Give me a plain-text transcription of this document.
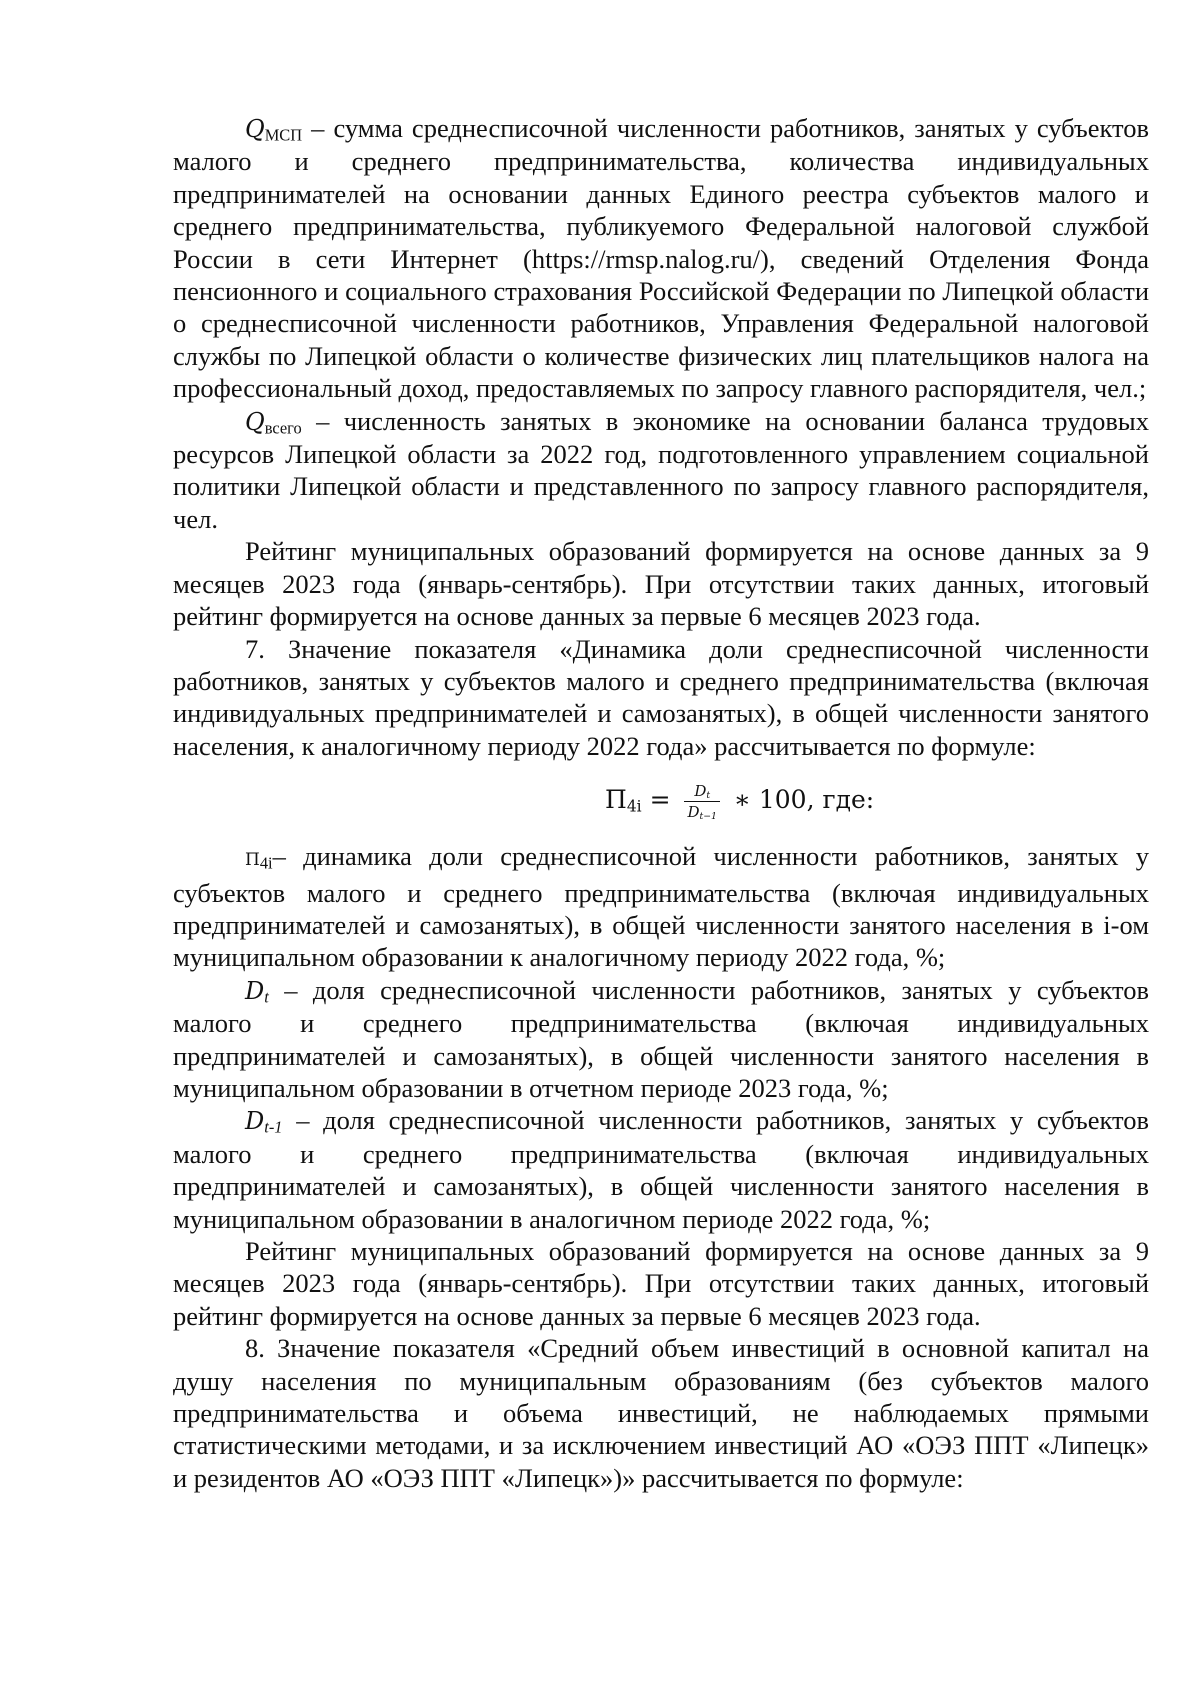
$Q_{МСП}$ – сумма среднесписочной численности работников, занятых у субъектов малого и среднего предпринимательства, количества индивидуальных предпринимателей на основании данных Единого реестра субъектов малого и среднего предпринимательства, публикуемого Федеральной налоговой службой России в сети Интернет (https://rmsp.nalog.ru/), сведений Отделения Фонда пенсионного и социального страхования Российской Федерации по Липецкой области о среднесписочной численности работников, Управления Федеральной налоговой службы по Липецкой области о количестве физических лиц плательщиков налога на профессиональный доход, предоставляемых по запросу главного распорядителя, чел.;

$Q_{всего}$ – численность занятых в экономике на основании баланса трудовых ресурсов Липецкой области за 2022 год, подготовленного управлением социальной политики Липецкой области и представленного по запросу главного распорядителя, чел.

Рейтинг муниципальных образований формируется на основе данных за 9 месяцев 2023 года (январь-сентябрь). При отсутствии таких данных, итоговый рейтинг формируется на основе данных за первые 6 месяцев 2023 года.

7. Значение показателя «Динамика доли среднесписочной численности работников, занятых у субъектов малого и среднего предпринимательства (включая индивидуальных предпринимателей и самозанятых), в общей численности занятого населения, к аналогичному периоду 2022 года» рассчитывается по формуле:

$П_{4i} = \frac{D_t}{D_{t-1}}$ ∗ 100, где:

$П_{4i}-$ динамика доли среднесписочной численности работников, занятых у субъектов малого и среднего предпринимательства (включая индивидуальных предпринимателей и самозанятых), в общей численности занятого населения в i-ом муниципальном образовании к аналогичному периоду 2022 года, %;

$D_t$ – доля среднесписочной численности работников, занятых у субъектов малого и среднего предпринимательства (включая индивидуальных предпринимателей и самозанятых), в общей численности занятого населения в муниципальном образовании в отчетном периоде 2023 года, %;

$D_{t-1}$ – доля среднесписочной численности работников, занятых у субъектов малого и среднего предпринимательства (включая индивидуальных предпринимателей и самозанятых), в общей численности занятого населения в муниципальном образовании в аналогичном периоде 2022 года, %;

Рейтинг муниципальных образований формируется на основе данных за 9 месяцев 2023 года (январь-сентябрь). При отсутствии таких данных, итоговый рейтинг формируется на основе данных за первые 6 месяцев 2023 года.

8. Значение показателя «Средний объем инвестиций в основной капитал на душу населения по муниципальным образованиям (без субъектов малого предпринимательства и объема инвестиций, не наблюдаемых прямыми статистическими методами, и за исключением инвестиций АО «ОЭЗ ППТ «Липецк» и резидентов АО «ОЭЗ ППТ «Липецк»)» рассчитывается по формуле:
